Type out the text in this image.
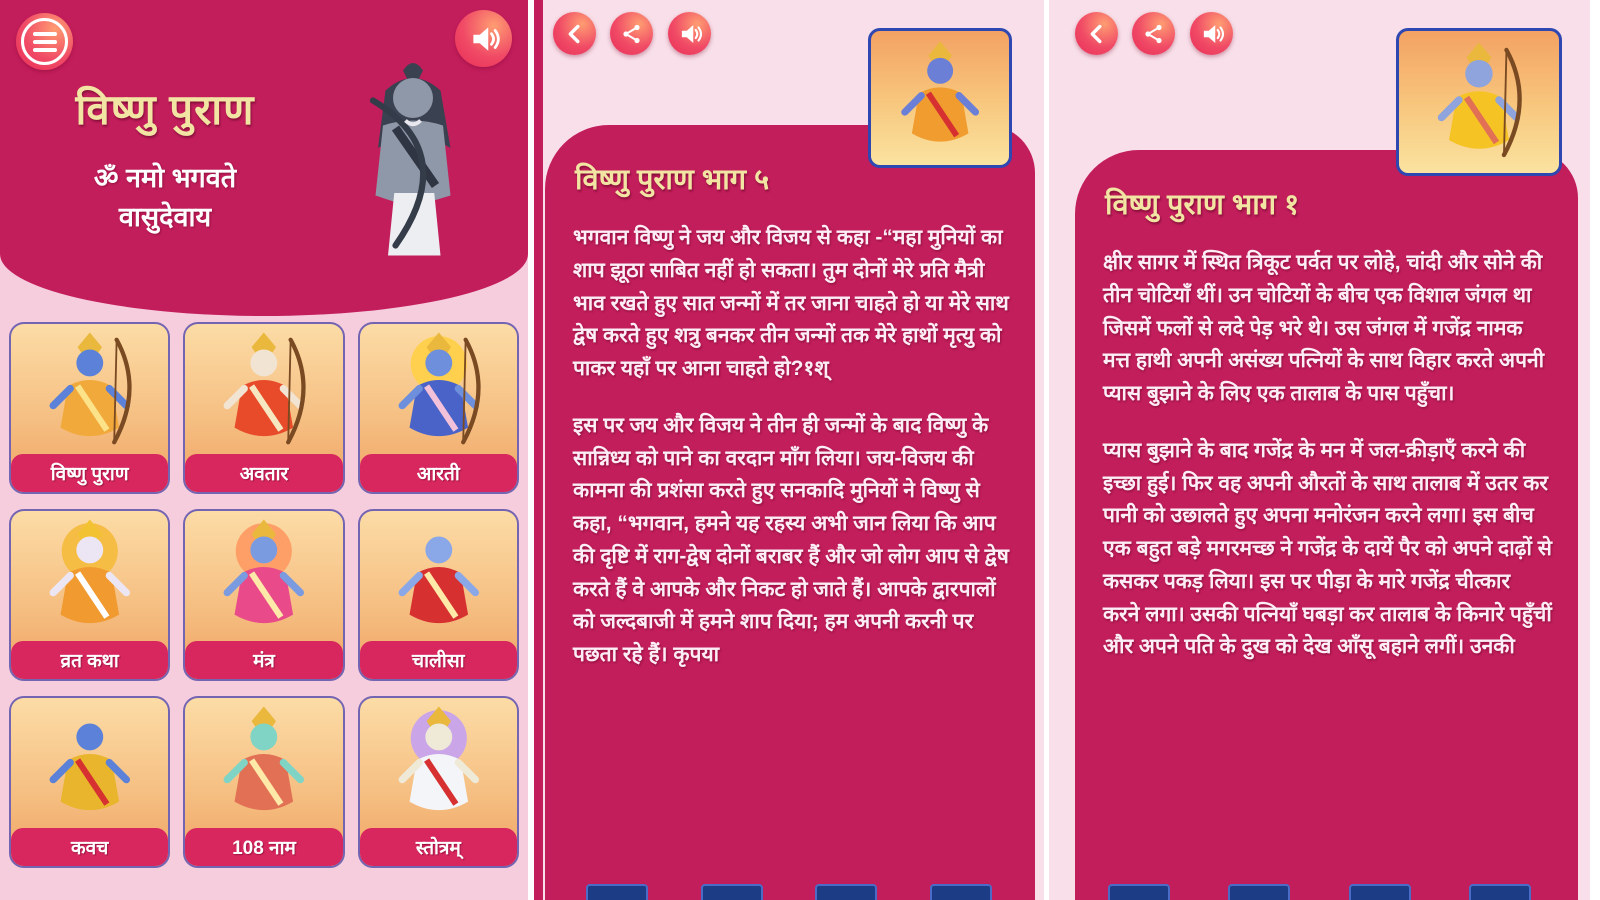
विष्णु पुराण
ॐ नमो भगवते
वासुदेवाय
विष्णु पुराण	अवतार	आरती
व्रत कथा	मंत्र	चालीसा
कवच	108 नाम	स्तोत्रम्
विष्णु पुराण भाग ५
भगवान विष्णु ने जय और विजय से कहा -“महा मुनियों का शाप झूठा साबित नहीं हो सकता। तुम दोनों मेरे प्रति मैत्री भाव रखते हुए सात जन्मों में तर जाना चाहते हो या मेरे साथ द्वेष करते हुए शत्रु बनकर तीन जन्मों तक मेरे हाथों मृत्यु को पाकर यहाँ पर आना चाहते हो?१श्
इस पर जय और विजय ने तीन ही जन्मों के बाद विष्णु के सान्निध्य को पाने का वरदान माँग लिया। जय-विजय की कामना की प्रशंसा करते हुए सनकादि मुनियों ने विष्णु से कहा, “भगवान, हमने यह रहस्य अभी जान लिया कि आप की दृष्टि में राग-द्वेष दोनों बराबर हैं और जो लोग आप से द्वेष करते हैं वे आपके और निकट हो जाते हैं। आपके द्वारपालों को जल्दबाजी में हमने शाप दिया; हम अपनी करनी पर पछता रहे हैं। कृपया
विष्णु पुराण भाग १
क्षीर सागर में स्थित त्रिकूट पर्वत पर लोहे, चांदी और सोने की तीन चोटियाँ थीं। उन चोटियों के बीच एक विशाल जंगल था जिसमें फलों से लदे पेड़ भरे थे। उस जंगल में गजेंद्र नामक मत्त हाथी अपनी असंख्य पत्नियों के साथ विहार करते अपनी प्यास बुझाने के लिए एक तालाब के पास पहुँचा।
प्यास बुझाने के बाद गजेंद्र के मन में जल-क्रीड़ाएँ करने की इच्छा हुई। फिर वह अपनी औरतों के साथ तालाब में उतर कर पानी को उछालते हुए अपना मनोरंजन करने लगा। इस बीच एक बहुत बड़े मगरमच्छ ने गजेंद्र के दायें पैर को अपने दाढ़ों से कसकर पकड़ लिया। इस पर पीड़ा के मारे गजेंद्र चीत्कार करने लगा। उसकी पत्नियाँ घबड़ा कर तालाब के किनारे पहुँचीं और अपने पति के दुख को देख आँसू बहाने लगीं। उनकी
